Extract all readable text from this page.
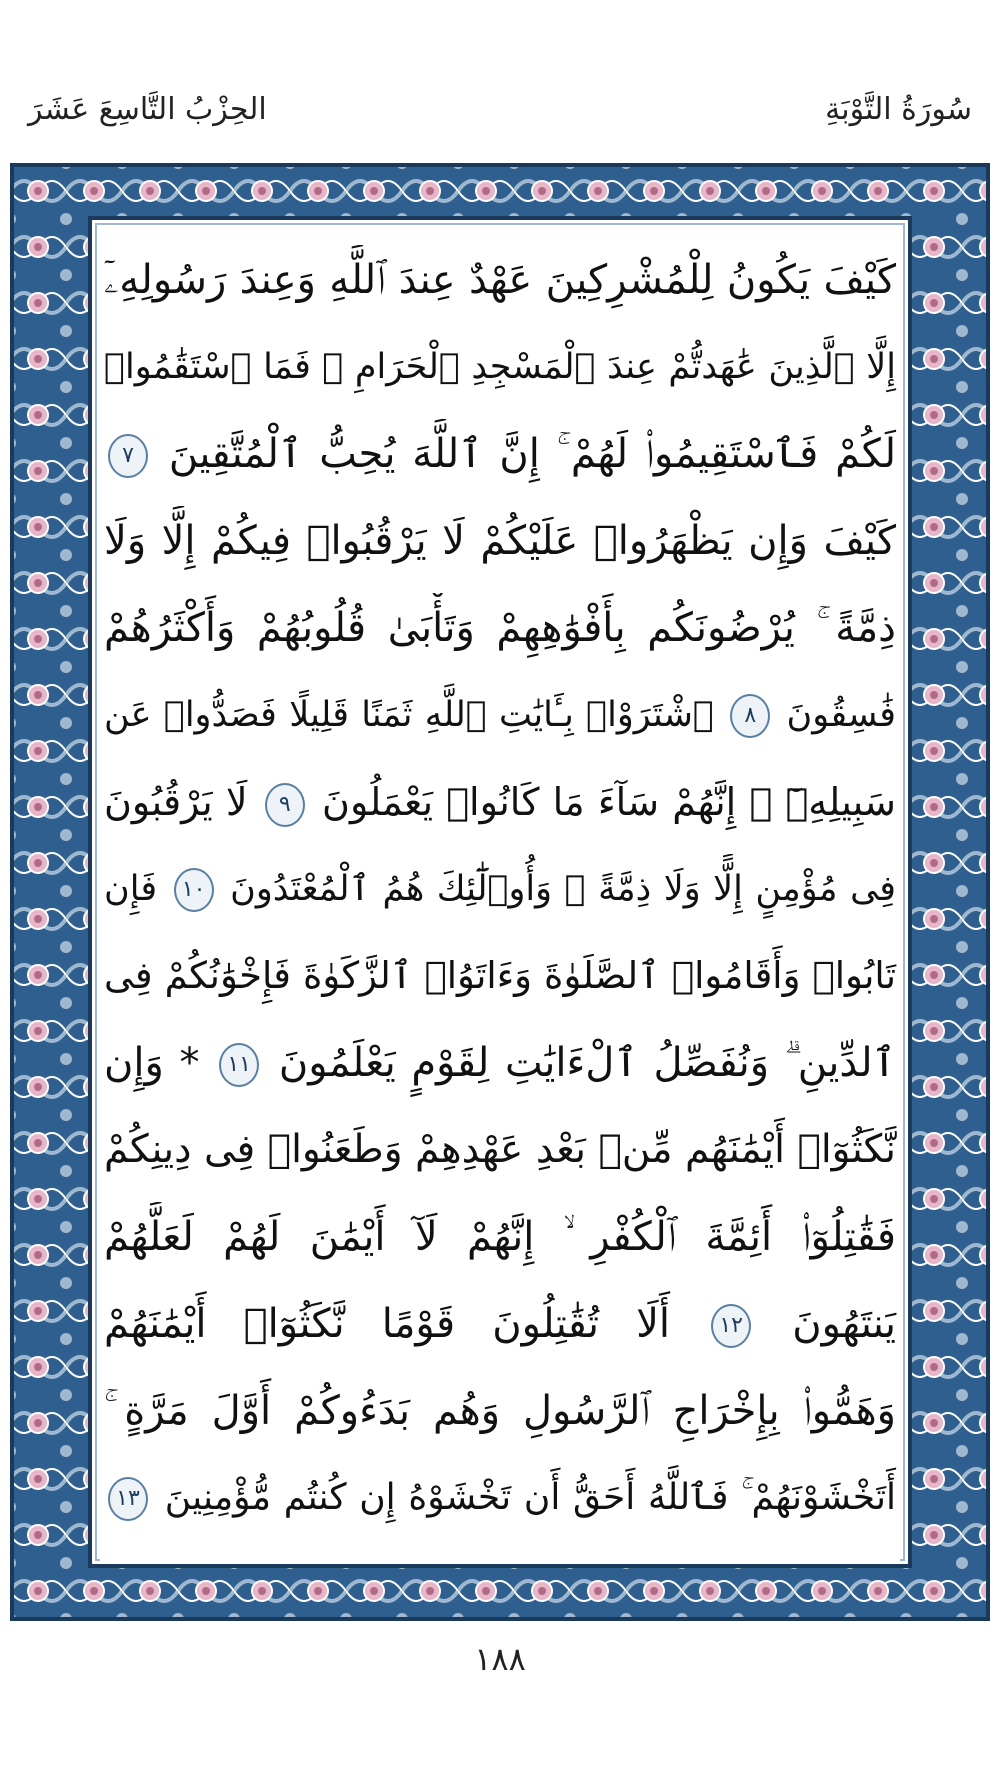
الحِزْبُ التَّاسِعَ عَشَرَ	سُورَةُ التَّوْبَةِ
كَيْفَ يَكُونُ لِلْمُشْرِكِينَ عَهْدٌ عِندَ ٱللَّهِ وَعِندَ رَسُولِهِۦٓ
إِلَّا ٱلَّذِينَ عَٰهَدتُّمْ عِندَ ٱلْمَسْجِدِ ٱلْحَرَامِ ۖ فَمَا ٱسْتَقَٰمُوا۟
لَكُمْ فَٱسْتَقِيمُوا۟ لَهُمْ ۚ إِنَّ ٱللَّهَ يُحِبُّ ٱلْمُتَّقِينَ ٧
كَيْفَ وَإِن يَظْهَرُوا۟ عَلَيْكُمْ لَا يَرْقُبُوا۟ فِيكُمْ إِلًّا وَلَا
ذِمَّةً ۚ يُرْضُونَكُم بِأَفْوَٰهِهِمْ وَتَأْبَىٰ قُلُوبُهُمْ وَأَكْثَرُهُمْ
فَٰسِقُونَ ٨ ٱشْتَرَوْا۟ بِـَٔايَٰتِ ٱللَّهِ ثَمَنًا قَلِيلًا فَصَدُّوا۟ عَن
سَبِيلِهِۦٓ ۚ إِنَّهُمْ سَآءَ مَا كَانُوا۟ يَعْمَلُونَ ٩ لَا يَرْقُبُونَ
فِى مُؤْمِنٍ إِلًّا وَلَا ذِمَّةً ۚ وَأُو۟لَٰٓئِكَ هُمُ ٱلْمُعْتَدُونَ ١٠ فَإِن
تَابُوا۟ وَأَقَامُوا۟ ٱلصَّلَوٰةَ وَءَاتَوُا۟ ٱلزَّكَوٰةَ فَإِخْوَٰنُكُمْ فِى
ٱلدِّينِ ۗ وَنُفَصِّلُ ٱلْءَايَٰتِ لِقَوْمٍ يَعْلَمُونَ ١١ * وَإِن
نَّكَثُوٓا۟ أَيْمَٰنَهُم مِّنۢ بَعْدِ عَهْدِهِمْ وَطَعَنُوا۟ فِى دِينِكُمْ
فَقَٰتِلُوٓا۟ أَئِمَّةَ ٱلْكُفْرِ ۙ إِنَّهُمْ لَآ أَيْمَٰنَ لَهُمْ لَعَلَّهُمْ
يَنتَهُونَ ١٢ أَلَا تُقَٰتِلُونَ قَوْمًا نَّكَثُوٓا۟ أَيْمَٰنَهُمْ
وَهَمُّوا۟ بِإِخْرَاجِ ٱلرَّسُولِ وَهُم بَدَءُوكُمْ أَوَّلَ مَرَّةٍ ۚ
أَتَخْشَوْنَهُمْ ۚ فَٱللَّهُ أَحَقُّ أَن تَخْشَوْهُ إِن كُنتُم مُّؤْمِنِينَ ١٣
١٨٨
